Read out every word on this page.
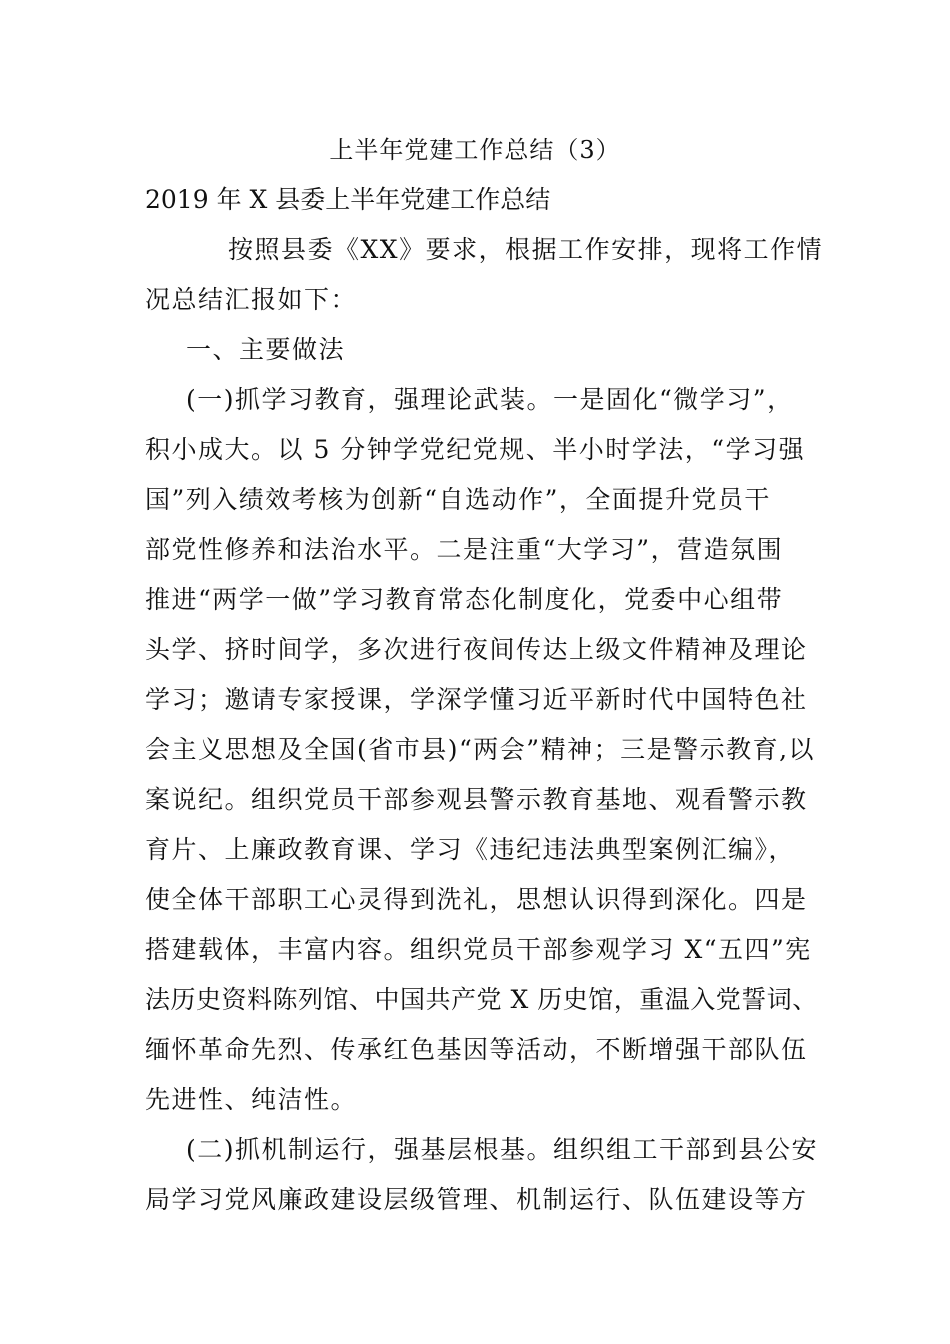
上半年党建工作总结（3）
2019 年 X 县委上半年党建工作总结
按照县委《XX》要求，根据工作安排，现将工作情
况总结汇报如下：
一、主要做法
(一)抓学习教育，强理论武装。一是固化“微学习”，
积小成大。以 5 分钟学党纪党规、半小时学法，“学习强
国”列入绩效考核为创新“自选动作”，全面提升党员干
部党性修养和法治水平。二是注重“大学习”，营造氛围
推进“两学一做”学习教育常态化制度化，党委中心组带
头学、挤时间学，多次进行夜间传达上级文件精神及理论
学习；邀请专家授课，学深学懂习近平新时代中国特色社
会主义思想及全国(省市县)“两会”精神；三是警示教育,以
案说纪。组织党员干部参观县警示教育基地、观看警示教
育片、上廉政教育课、学习《违纪违法典型案例汇编》，
使全体干部职工心灵得到洗礼，思想认识得到深化。四是
搭建载体，丰富内容。组织党员干部参观学习 X“五四”宪
法历史资料陈列馆、中国共产党 X 历史馆，重温入党誓词、
缅怀革命先烈、传承红色基因等活动，不断增强干部队伍
先进性、纯洁性。
(二)抓机制运行，强基层根基。组织组工干部到县公安
局学习党风廉政建设层级管理、机制运行、队伍建设等方
